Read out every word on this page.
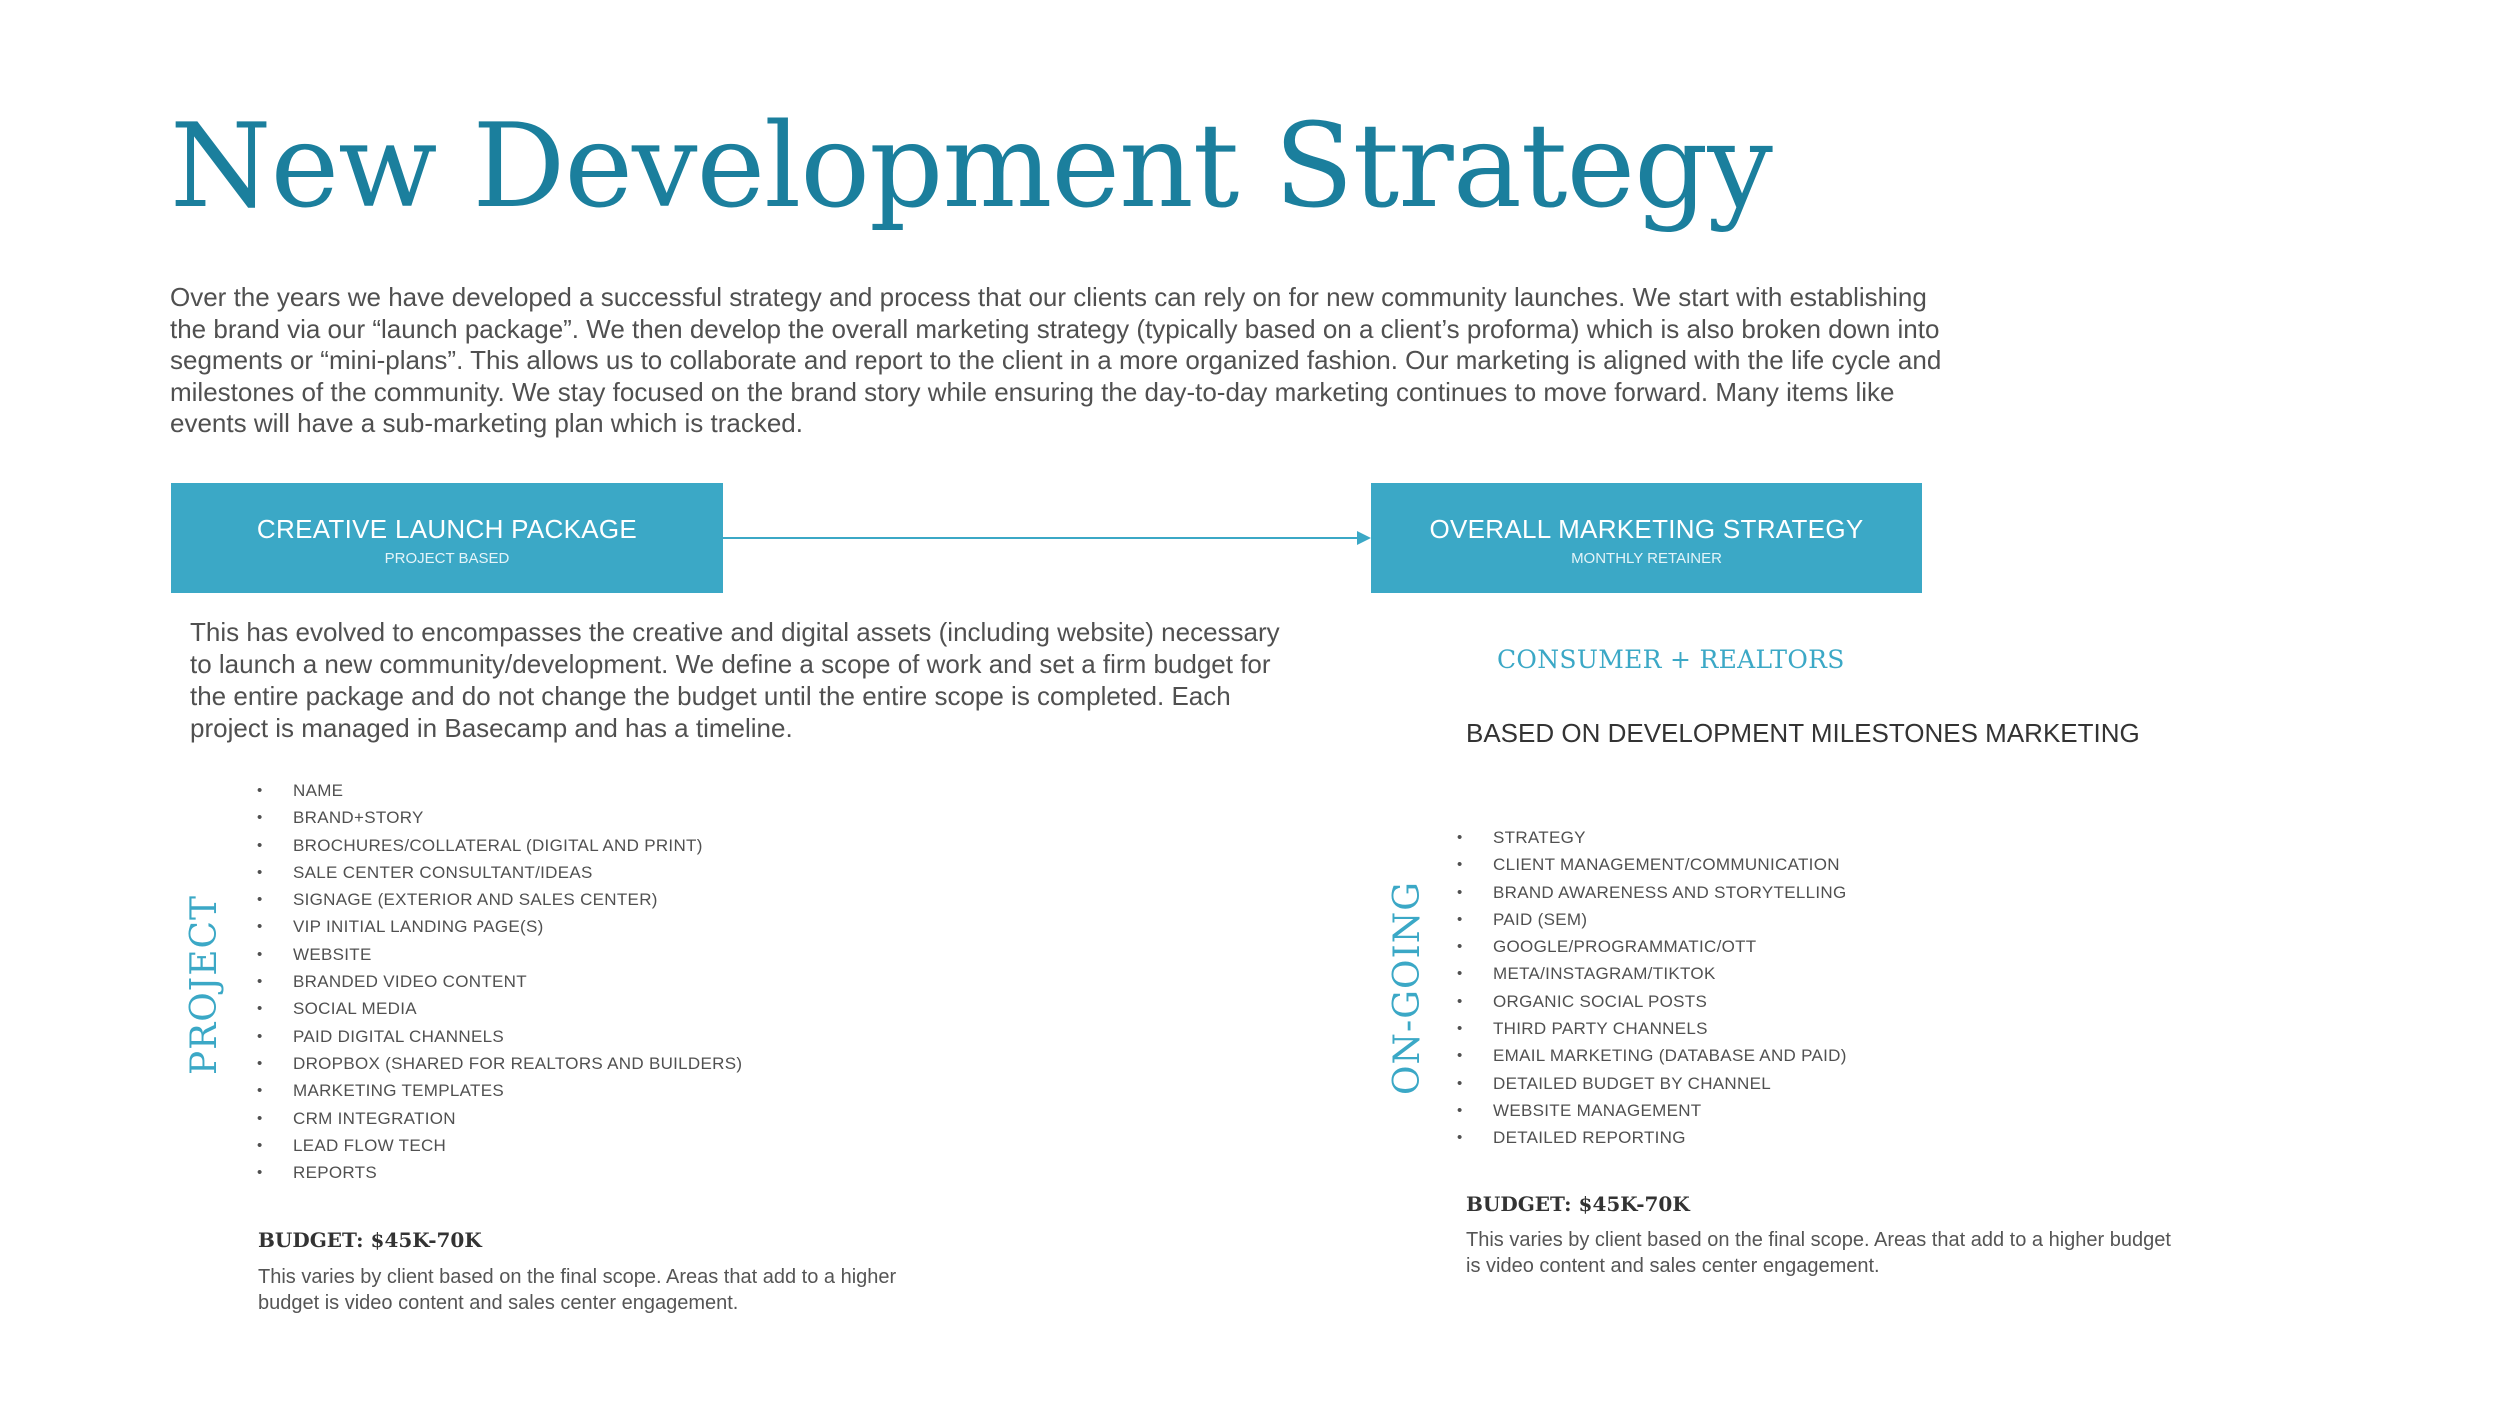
New Development Strategy

Over the years we have developed a successful strategy and process that our clients can rely on for new community launches. We start with establishing the brand via our “launch package”. We then develop the overall marketing strategy (typically based on a client’s proforma) which is also broken down into segments or “mini-plans”. This allows us to collaborate and report to the client in a more organized fashion. Our marketing is aligned with the life cycle and milestones of the community. We stay focused on the brand story while ensuring the day-to-day marketing continues to move forward. Many items like events will have a sub-marketing plan which is tracked.

CREATIVE LAUNCH PACKAGE
PROJECT BASED
OVERALL MARKETING STRATEGY
MONTHLY RETAINER

This has evolved to encompasses the creative and digital assets (including website) necessary to launch a new community/development. We define a scope of work and set a firm budget for the entire package and do not change the budget until the entire scope is completed. Each project is managed in Basecamp and has a timeline.

PROJECT
• NAME
• BRAND+STORY
• BROCHURES/COLLATERAL (DIGITAL AND PRINT)
• SALE CENTER CONSULTANT/IDEAS
• SIGNAGE (EXTERIOR AND SALES CENTER)
• VIP INITIAL LANDING PAGE(S)
• WEBSITE
• BRANDED VIDEO CONTENT
• SOCIAL MEDIA
• PAID DIGITAL CHANNELS
• DROPBOX (SHARED FOR REALTORS AND BUILDERS)
• MARKETING TEMPLATES
• CRM INTEGRATION
• LEAD FLOW TECH
• REPORTS
BUDGET: $45K-70K
This varies by client based on the final scope. Areas that add to a higher
budget is video content and sales center engagement.
CONSUMER + REALTORS
BASED ON DEVELOPMENT MILESTONES MARKETING
ON-GOING
• STRATEGY
• CLIENT MANAGEMENT/COMMUNICATION
• BRAND AWARENESS AND STORYTELLING
• PAID (SEM)
• GOOGLE/PROGRAMMATIC/OTT
• META/INSTAGRAM/TIKTOK
• ORGANIC SOCIAL POSTS
• THIRD PARTY CHANNELS
• EMAIL MARKETING (DATABASE AND PAID)
• DETAILED BUDGET BY CHANNEL
• WEBSITE MANAGEMENT
• DETAILED REPORTING
BUDGET: $45K-70K
This varies by client based on the final scope. Areas that add to a higher budget is video content and sales center engagement.
